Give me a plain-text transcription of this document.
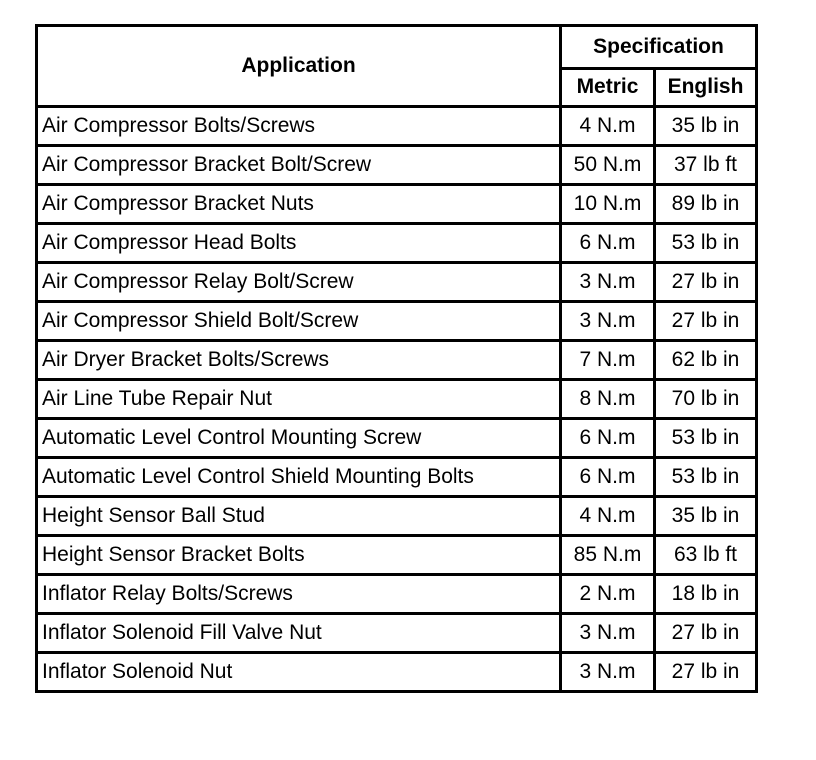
Application	Specification	
	Metric	English
Air Compressor Bolts/Screws	4 N.m	35 lb in
Air Compressor Bracket Bolt/Screw	50 N.m	37 lb ft
Air Compressor Bracket Nuts	10 N.m	89 lb in
Air Compressor Head Bolts	6 N.m	53 lb in
Air Compressor Relay Bolt/Screw	3 N.m	27 lb in
Air Compressor Shield Bolt/Screw	3 N.m	27 lb in
Air Dryer Bracket Bolts/Screws	7 N.m	62 lb in
Air Line Tube Repair Nut	8 N.m	70 lb in
Automatic Level Control Mounting Screw	6 N.m	53 lb in
Automatic Level Control Shield Mounting Bolts	6 N.m	53 lb in
Height Sensor Ball Stud	4 N.m	35 lb in
Height Sensor Bracket Bolts	85 N.m	63 lb ft
Inflator Relay Bolts/Screws	2 N.m	18 lb in
Inflator Solenoid Fill Valve Nut	3 N.m	27 lb in
Inflator Solenoid Nut	3 N.m	27 lb in
